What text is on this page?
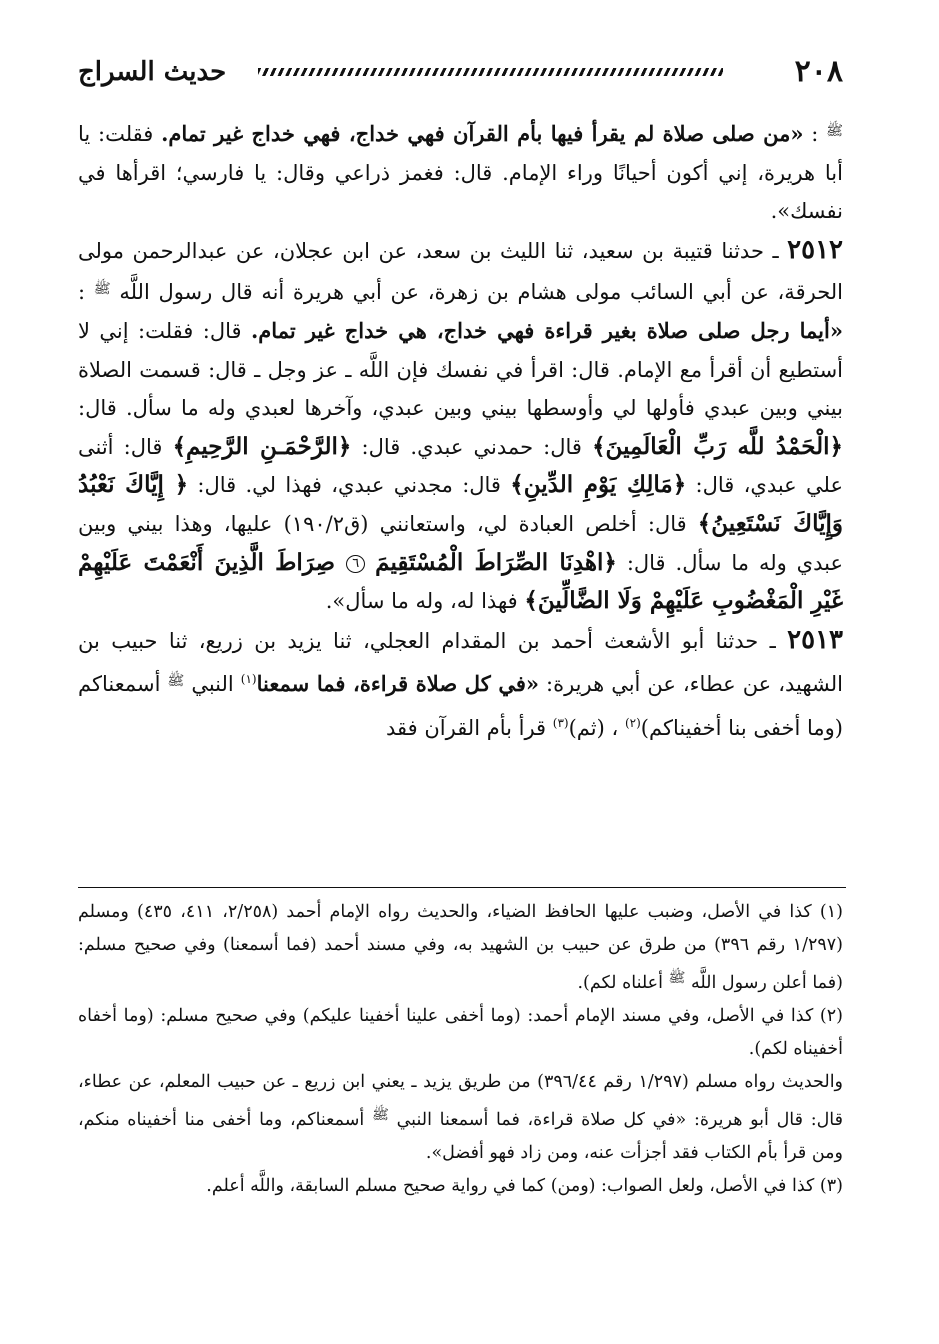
٢٠٨
حديث السراج

$^ﷺ$ : «من صلى صلاة لم يقرأ فيها بأم القرآن فهي خداج، فهي خداج غير تمام. فقلت: يا أبا هريرة، إني أكون أحيانًا وراء الإمام. قال: فغمز ذراعي وقال: يا فارسي؛ اقرأها في نفسك».

٢٥١٢ ـ حدثنا قتيبة بن سعيد، ثنا الليث بن سعد، عن ابن عجلان، عن عبدالرحمن مولى الحرقة، عن أبي السائب مولى هشام بن زهرة، عن أبي هريرة أنه قال رسول اللَّه $^ﷺ$ : «أيما رجل صلى صلاة بغير قراءة فهي خداج، هي خداج غير تمام. قال: فقلت: إني لا أستطيع أن أقرأ مع الإمام. قال: اقرأ في نفسك فإن اللَّه ـ عز وجل ـ قال: قسمت الصلاة بيني وبين عبدي فأولها لي وأوسطها بيني وبين عبدي، وآخرها لعبدي وله ما سأل. قال: ﴿الْحَمْدُ للَّه رَبِّ الْعَالَمِينَ﴾ قال: حمدني عبدي. قال: ﴿الرَّحْمَـنِ الرَّحِيمِ﴾ قال: أثنى علي عبدي، قال: ﴿مَالِكِ يَوْمِ الدِّينِ﴾ قال: مجدني عبدي، فهذا لي. قال: ﴿ إِيَّاكَ نَعْبُدُ وَإِيَّاكَ نَسْتَعِينُ﴾ قال: أخلص العبادة لي، واستعانني (ق١٩٠/٢) عليها، وهذا بيني وبين عبدي وله ما سأل. قال: ﴿اهْدِنَا الصِّرَاطَ الْمُسْتَقِيمَ ٦ صِرَاطَ الَّذِينَ أَنْعَمْتَ عَلَيْهِمْ غَيْرِ الْمَغْضُوبِ عَلَيْهِمْ وَلَا الضَّالِّينَ﴾ فهذا له، وله ما سأل».

٢٥١٣ ـ حدثنا أبو الأشعث أحمد بن المقدام العجلي، ثنا يزيد بن زريع، ثنا حبيب بن الشهيد، عن عطاء، عن أبي هريرة: «في كل صلاة قراءة، فما سمعنا$^{(١)}$ النبي $^ﷺ$ أسمعناكم (وما أخفى بنا أخفيناكم)$^{(٢)}$ ، (ثم)$^{(٣)}$ قرأ بأم القرآن فقد

(١) كذا في الأصل، وضبب عليها الحافظ الضياء، والحديث رواه الإمام أحمد (٢/٢٥٨، ٤١١، ٤٣٥) ومسلم (١/٢٩٧ رقم ٣٩٦) من طرق عن حبيب بن الشهيد به، وفي مسند أحمد (فما أسمعنا) وفي صحيح مسلم: (فما أعلن رسول اللَّه $^ﷺ$ أعلناه لكم).

(٢) كذا في الأصل، وفي مسند الإمام أحمد: (وما أخفى علينا أخفينا عليكم) وفي صحيح مسلم: (وما أخفاه أخفيناه لكم).

والحديث رواه مسلم (١/٢٩٧ رقم ٣٩٦/٤٤) من طريق يزيد ـ يعني ابن زريع ـ عن حبيب المعلم، عن عطاء، قال: قال أبو هريرة: «في كل صلاة قراءة، فما أسمعنا النبي $^ﷺ$ أسمعناكم، وما أخفى منا أخفيناه منكم، ومن قرأ بأم الكتاب فقد أجزأت عنه، ومن زاد فهو أفضل».

(٣) كذا في الأصل، ولعل الصواب: (ومن) كما في رواية صحيح مسلم السابقة، واللَّه أعلم.
